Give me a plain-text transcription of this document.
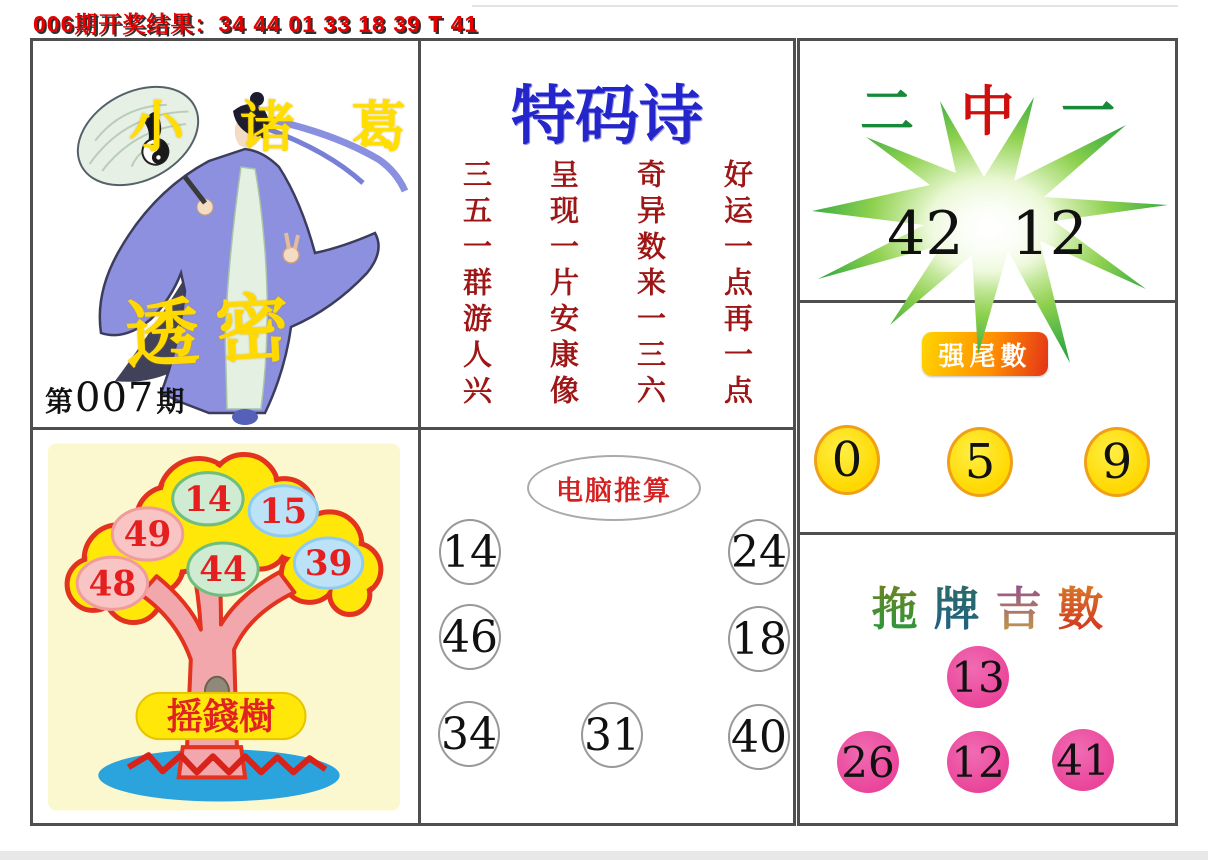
006期开奖结果：34 44 01 33 18 39 T 41
小 诸 葛
透密
第 007 期
特码诗
三五一群游人兴 呈现一片安康像 奇异数来一三六 好运一点再一点
摇錢樹
14 15
49
44 39
48
电脑推算
14	24
46	18
34 31 40
二 中 一
42 12
强尾數
0	5	9
拖 牌 吉 數
13
26 12 41
